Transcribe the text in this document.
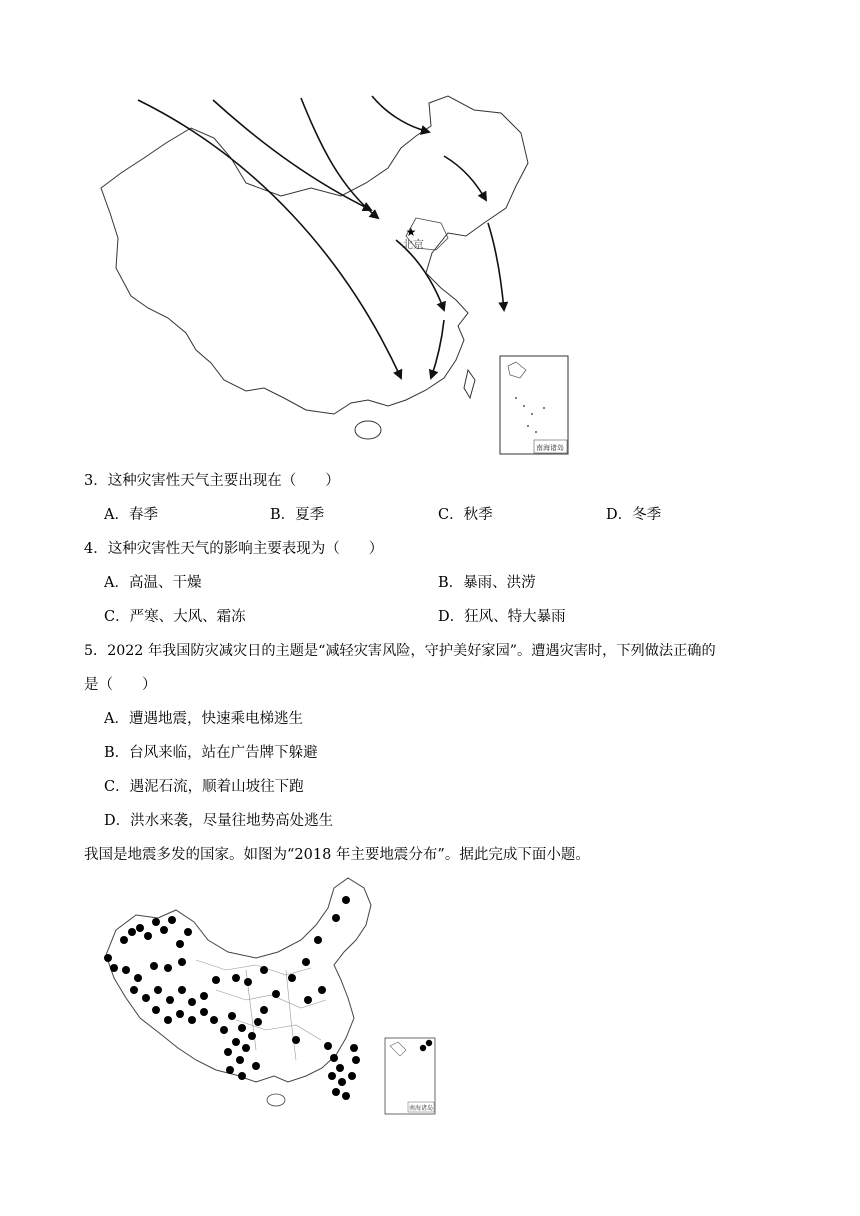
★
北京
南海诸岛
3．这种灾害性天气主要出现在（　　）
A．春季	B．夏季	C．秋季	D．冬季
4．这种灾害性天气的影响主要表现为（　　）
A．高温、干燥	B．暴雨、洪涝
C．严寒、大风、霜冻	D．狂风、特大暴雨
5．2022 年我国防灾减灾日的主题是“减轻灾害风险，守护美好家园”。遭遇灾害时，下列做法正确的
是（　　）
A．遭遇地震，快速乘电梯逃生
B．台风来临，站在广告牌下躲避
C．遇泥石流，顺着山坡往下跑
D．洪水来袭，尽量往地势高处逃生
我国是地震多发的国家。如图为“2018 年主要地震分布”。据此完成下面小题。
南海诸岛
